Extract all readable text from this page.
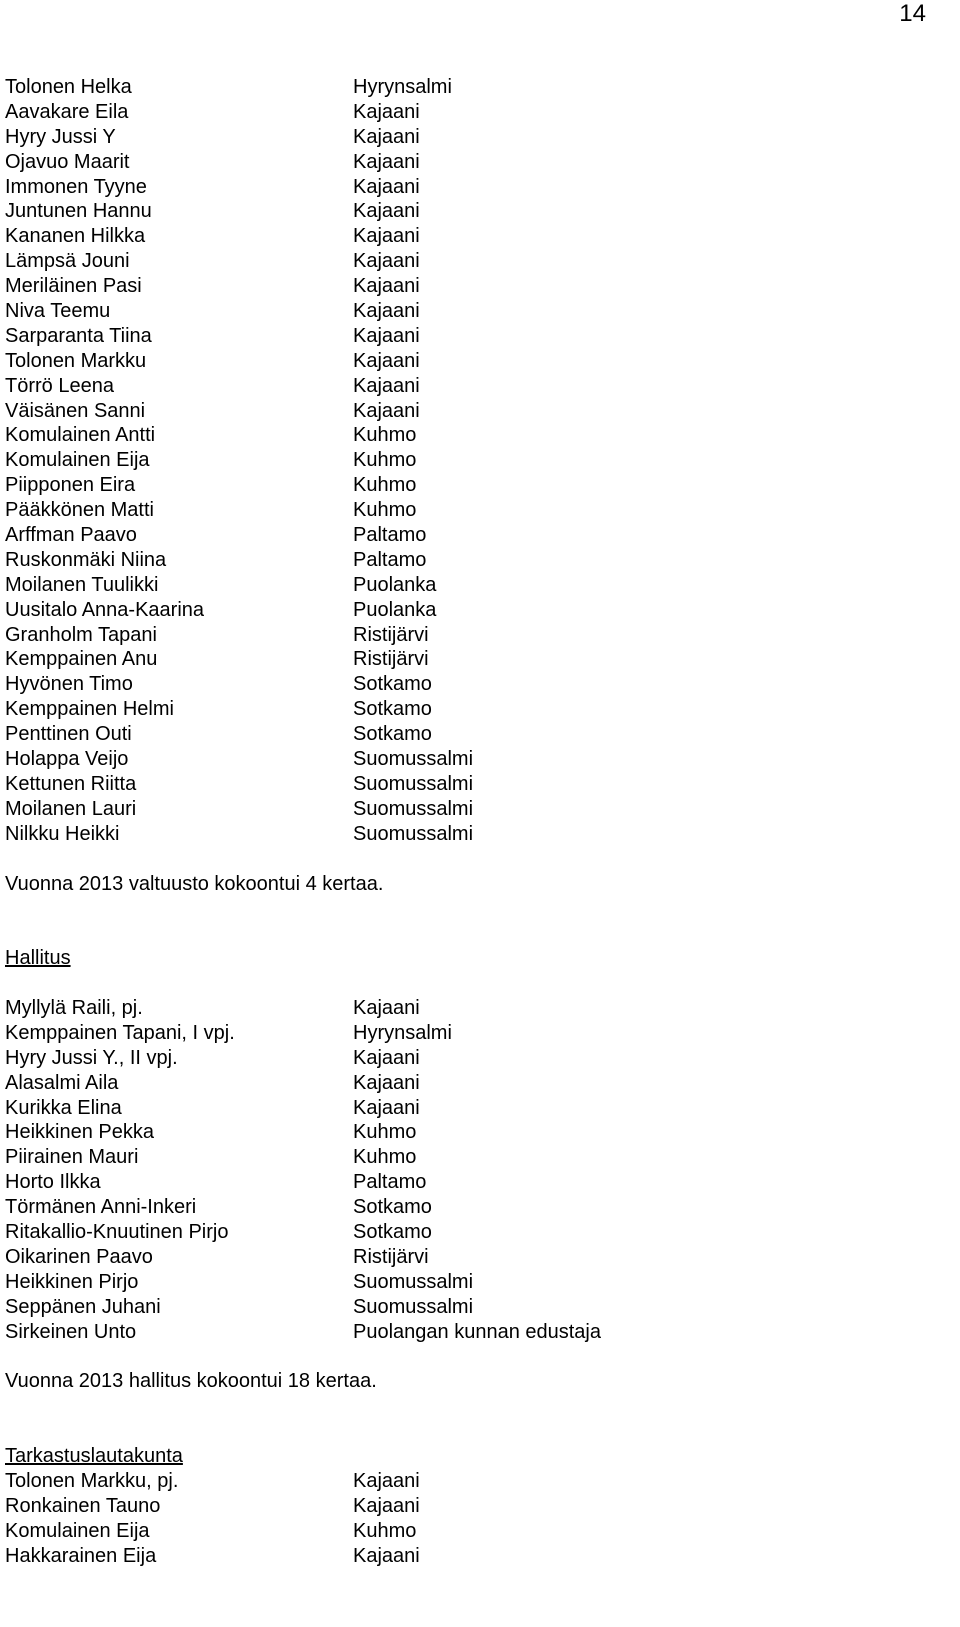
14
Tolonen Helka	Hyrynsalmi
Aavakare Eila	Kajaani
Hyry Jussi Y	Kajaani
Ojavuo Maarit	Kajaani
Immonen Tyyne	Kajaani
Juntunen Hannu	Kajaani
Kananen Hilkka	Kajaani
Lämpsä Jouni	Kajaani
Meriläinen Pasi	Kajaani
Niva Teemu	Kajaani
Sarparanta Tiina	Kajaani
Tolonen Markku	Kajaani
Törrö Leena	Kajaani
Väisänen Sanni	Kajaani
Komulainen Antti	Kuhmo
Komulainen Eija	Kuhmo
Piipponen Eira	Kuhmo
Pääkkönen Matti	Kuhmo
Arffman Paavo	Paltamo
Ruskonmäki Niina	Paltamo
Moilanen Tuulikki	Puolanka
Uusitalo Anna-Kaarina	Puolanka
Granholm Tapani	Ristijärvi
Kemppainen Anu	Ristijärvi
Hyvönen Timo	Sotkamo
Kemppainen Helmi	Sotkamo
Penttinen Outi	Sotkamo
Holappa Veijo	Suomussalmi
Kettunen Riitta	Suomussalmi
Moilanen Lauri	Suomussalmi
Nilkku Heikki	Suomussalmi
Vuonna 2013 valtuusto kokoontui 4 kertaa.
Hallitus
Myllylä Raili, pj.	Kajaani
Kemppainen Tapani, I vpj.	Hyrynsalmi
Hyry Jussi Y., II vpj.	Kajaani
Alasalmi Aila	Kajaani
Kurikka Elina	Kajaani
Heikkinen Pekka	Kuhmo
Piirainen Mauri	Kuhmo
Horto Ilkka	Paltamo
Törmänen Anni-Inkeri	Sotkamo
Ritakallio-Knuutinen Pirjo	Sotkamo
Oikarinen Paavo	Ristijärvi
Heikkinen Pirjo	Suomussalmi
Seppänen Juhani	Suomussalmi
Sirkeinen Unto	Puolangan kunnan edustaja
Vuonna 2013 hallitus kokoontui 18 kertaa.
Tarkastuslautakunta
Tolonen Markku, pj.	Kajaani
Ronkainen Tauno	Kajaani
Komulainen Eija	Kuhmo
Hakkarainen Eija	Kajaani
